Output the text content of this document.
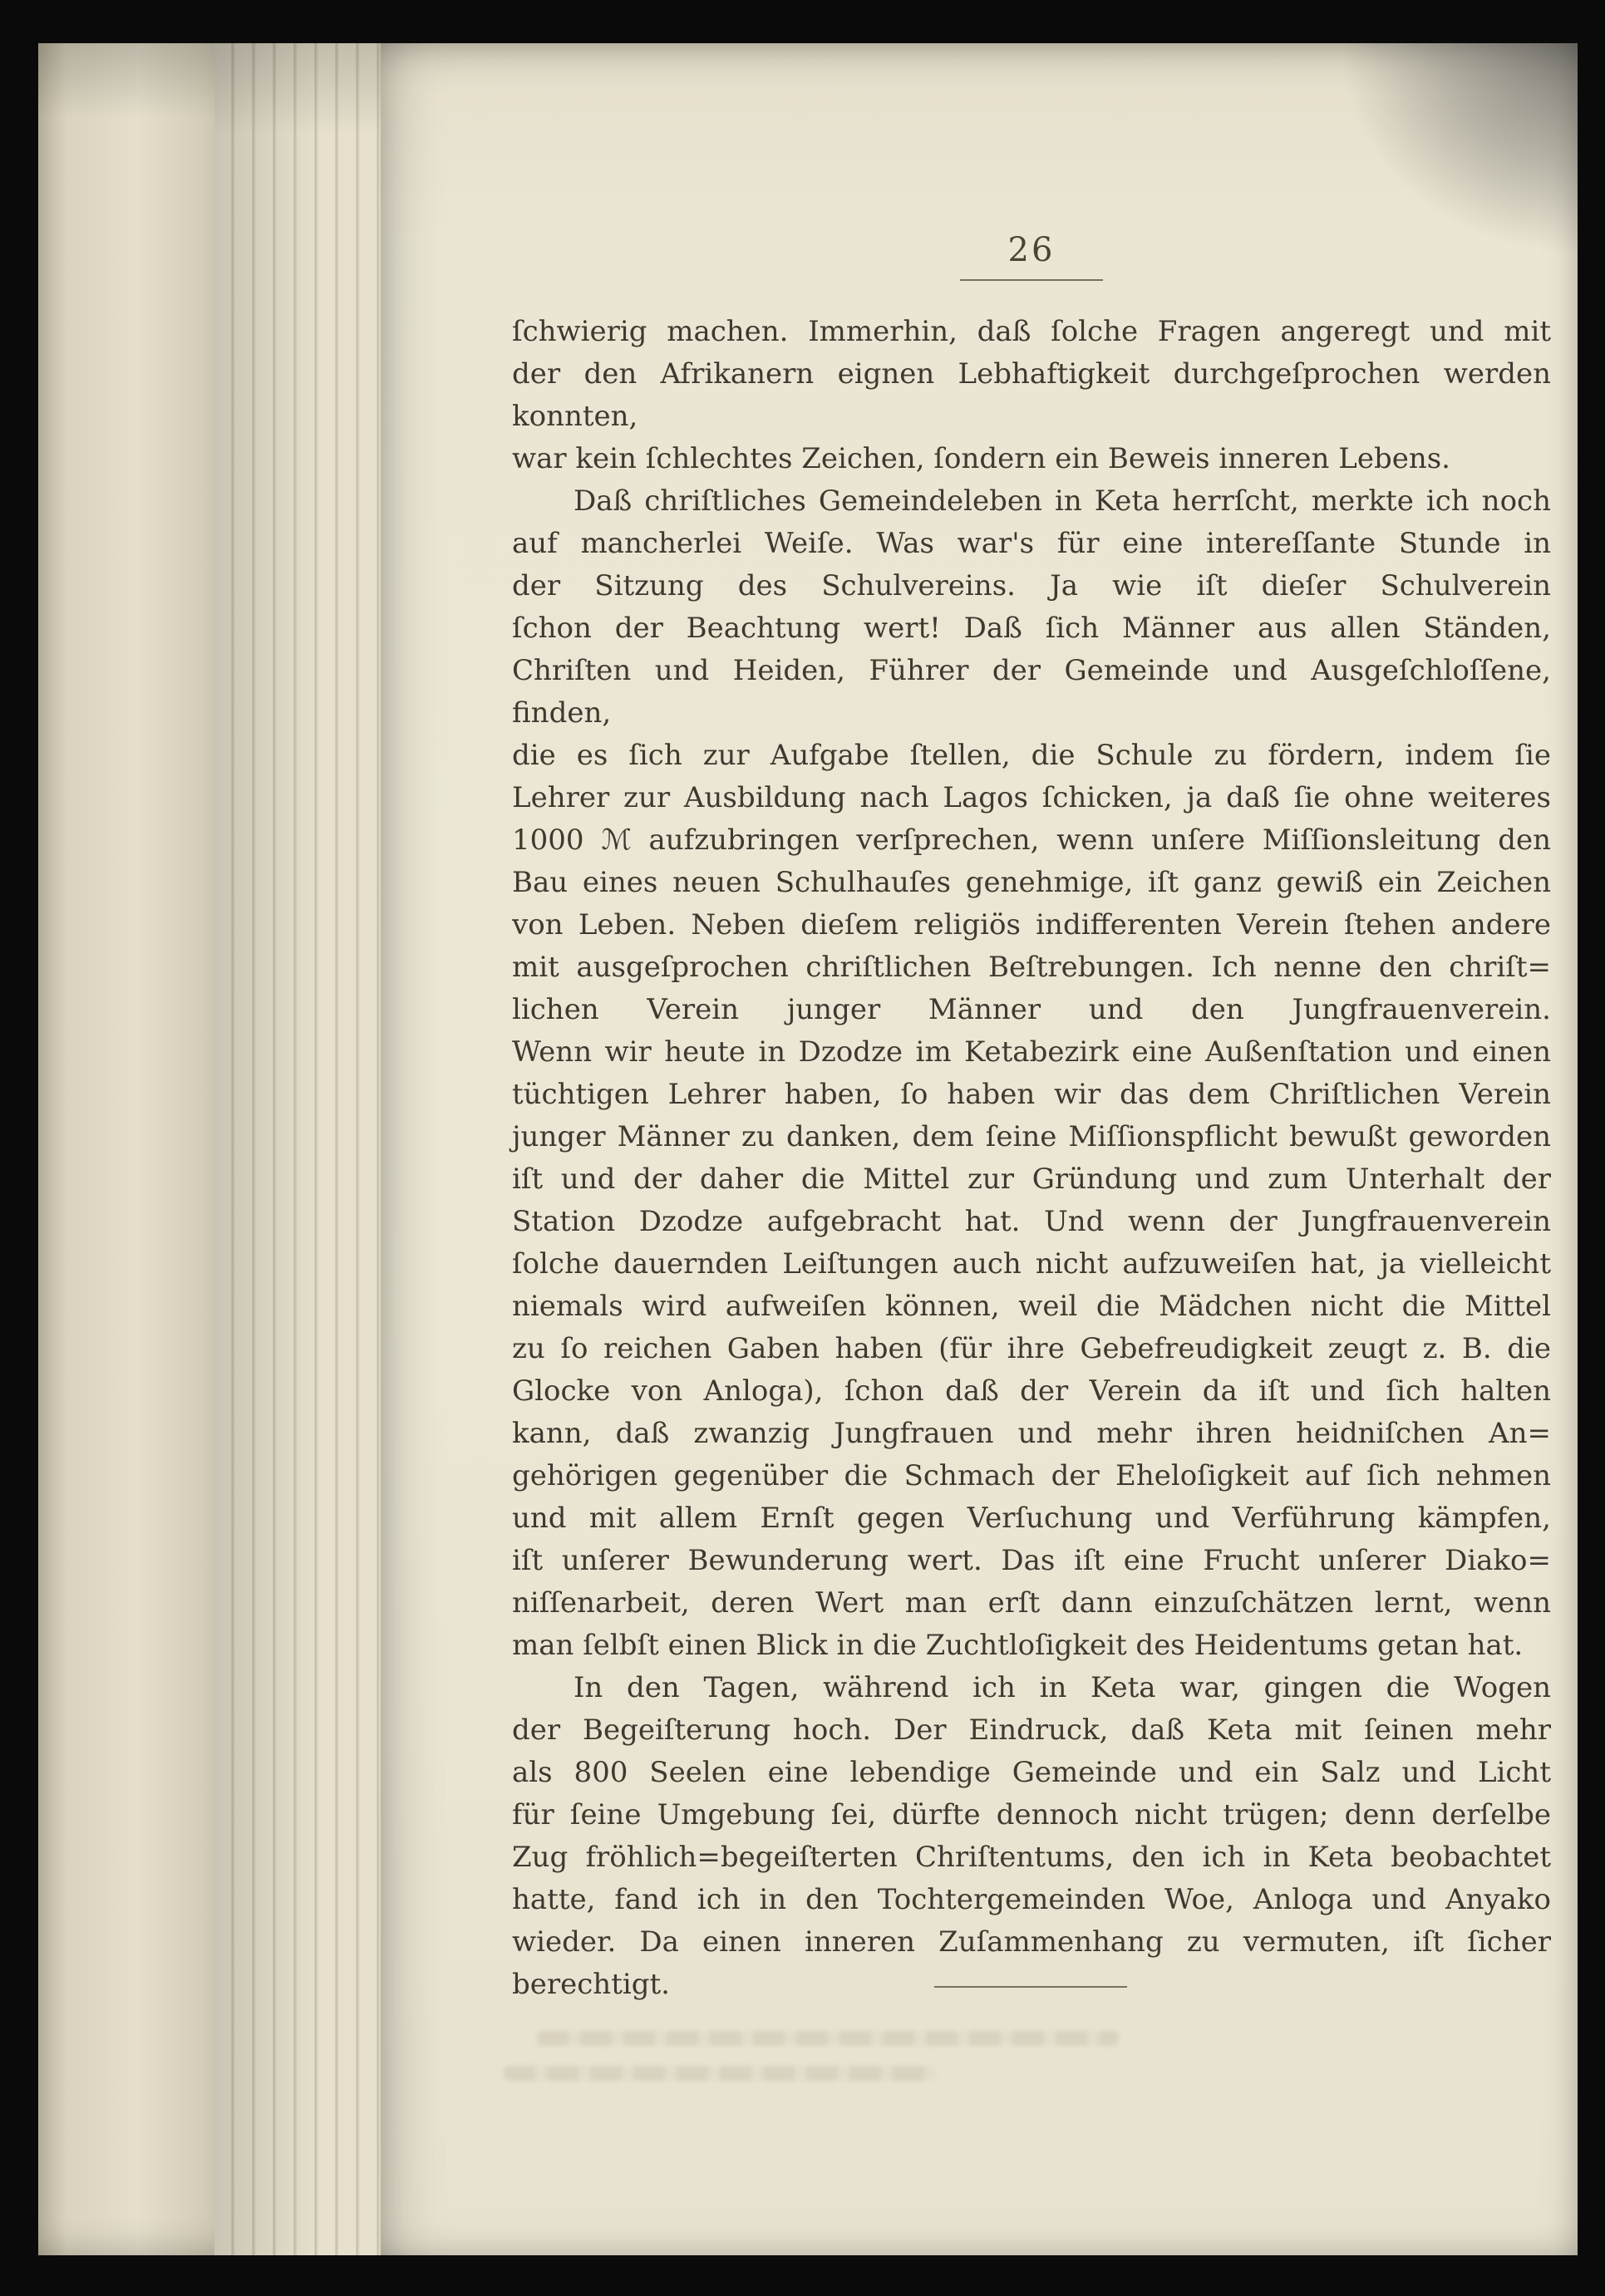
26
ſchwierig machen. Immerhin, daß ſolche Fragen angeregt und mit
der den Afrikanern eignen Lebhaftigkeit durchgeſprochen werden konnten,
war kein ſchlechtes Zeichen, ſondern ein Beweis inneren Lebens.
Daß chriſtliches Gemeindeleben in Keta herrſcht, merkte ich noch
auf mancherlei Weiſe. Was war's für eine intereſſante Stunde in
der Sitzung des Schulvereins. Ja wie iſt dieſer Schulverein
ſchon der Beachtung wert! Daß ſich Männer aus allen Ständen,
Chriſten und Heiden, Führer der Gemeinde und Ausgeſchloſſene, finden,
die es ſich zur Aufgabe ſtellen, die Schule zu fördern, indem ſie
Lehrer zur Ausbildung nach Lagos ſchicken, ja daß ſie ohne weiteres
1000 ℳ aufzubringen verſprechen, wenn unſere Miſſionsleitung den
Bau eines neuen Schulhauſes genehmige, iſt ganz gewiß ein Zeichen
von Leben. Neben dieſem religiös indifferenten Verein ſtehen andere
mit ausgeſprochen chriſtlichen Beſtrebungen. Ich nenne den chriſt=
lichen Verein junger Männer und den Jungfrauenverein.
Wenn wir heute in Dzodze im Ketabezirk eine Außenſtation und einen
tüchtigen Lehrer haben, ſo haben wir das dem Chriſtlichen Verein
junger Männer zu danken, dem ſeine Miſſionspflicht bewußt geworden
iſt und der daher die Mittel zur Gründung und zum Unterhalt der
Station Dzodze aufgebracht hat. Und wenn der Jungfrauenverein
ſolche dauernden Leiſtungen auch nicht aufzuweiſen hat, ja vielleicht
niemals wird aufweiſen können, weil die Mädchen nicht die Mittel
zu ſo reichen Gaben haben (für ihre Gebefreudigkeit zeugt z. B. die
Glocke von Anloga), ſchon daß der Verein da iſt und ſich halten
kann, daß zwanzig Jungfrauen und mehr ihren heidniſchen An=
gehörigen gegenüber die Schmach der Eheloſigkeit auf ſich nehmen
und mit allem Ernſt gegen Verſuchung und Verführung kämpfen,
iſt unſerer Bewunderung wert. Das iſt eine Frucht unſerer Diako=
niſſenarbeit, deren Wert man erſt dann einzuſchätzen lernt, wenn
man ſelbſt einen Blick in die Zuchtloſigkeit des Heidentums getan hat.
In den Tagen, während ich in Keta war, gingen die Wogen
der Begeiſterung hoch. Der Eindruck, daß Keta mit ſeinen mehr
als 800 Seelen eine lebendige Gemeinde und ein Salz und Licht
für ſeine Umgebung ſei, dürfte dennoch nicht trügen; denn derſelbe
Zug fröhlich=begeiſterten Chriſtentums, den ich in Keta beobachtet
hatte, fand ich in den Tochtergemeinden Woe, Anloga und Anyako
wieder. Da einen inneren Zuſammenhang zu vermuten, iſt ſicher
berechtigt.
